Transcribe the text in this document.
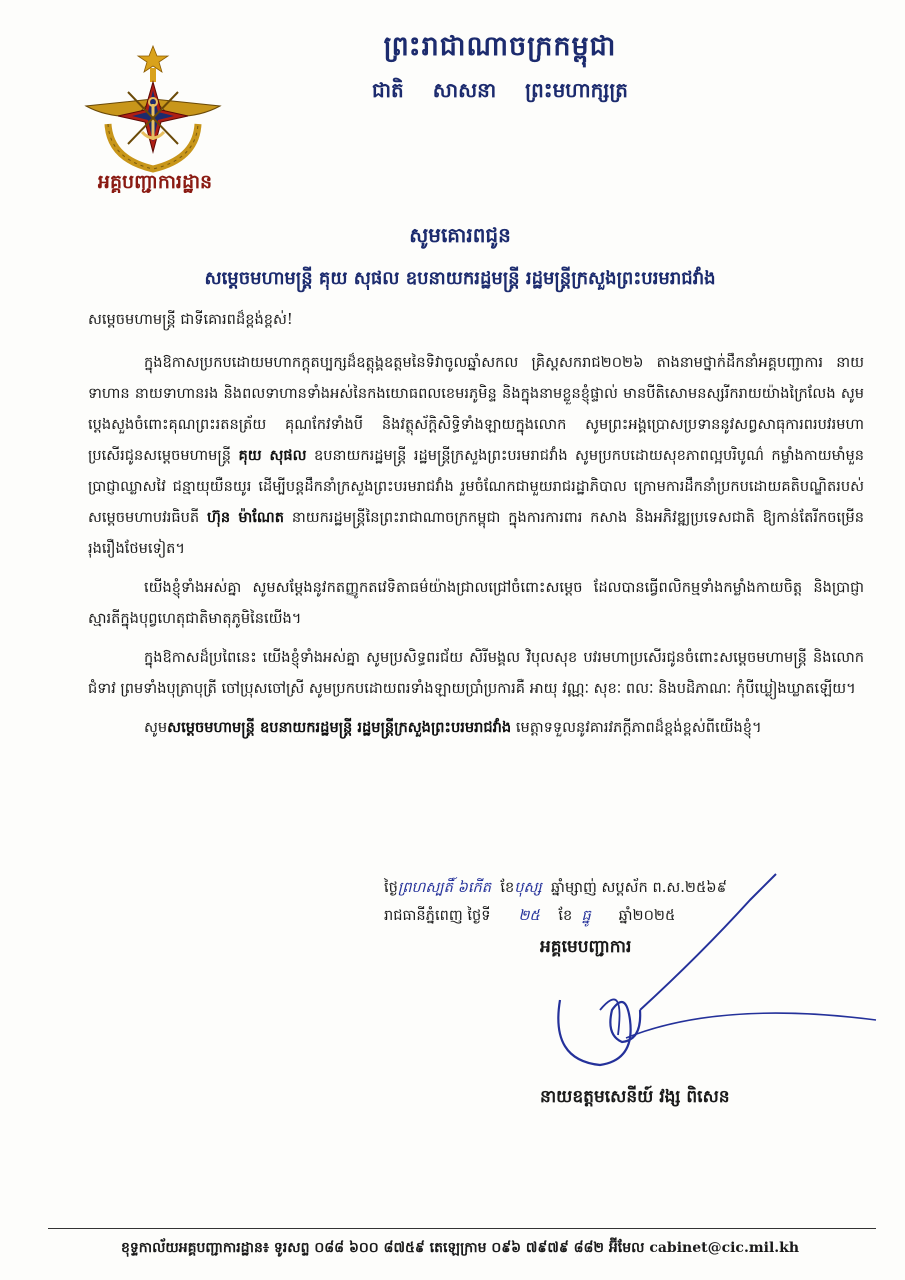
អគ្គបញ្ជាការដ្ឋាន
ព្រះរាជាណាចក្រកម្ពុជា
ជាតិ សាសនា ព្រះមហាក្សត្រ
សូមគោរពជូន
សម្តេចមហាមន្ត្រី គុយ សុផល ឧបនាយករដ្ឋមន្ត្រី រដ្ឋមន្ត្រីក្រសួងព្រះបរមរាជវាំង

សម្តេចមហាមន្ត្រី ជាទីគោរពដ៏ខ្ពង់ខ្ពស់!

ក្នុងឱកាសប្រកបដោយមហាកក្តុតប្បក្សដ៏ឧត្តុង្គឧត្តមនៃទិវាចូលឆ្នាំសកល គ្រិស្តសករាជ២០២៦ តាងនាមថ្នាក់ដឹកនាំអគ្គបញ្ជាការ នាយទាហាន នាយទាហានរង និងពលទាហានទាំងអស់នៃកងយោធពលខេមរភូមិន្ទ និងក្នុងនាមខ្លួនខ្ញុំផ្ទាល់ មានបីតិសោមនស្សរីករាយយ៉ាងក្រៃលែង សូមប្ដេងសួងចំពោះគុណព្រះរតនត្រ័យ គុណកែវទាំងបី និងវត្ថុស័ក្តិសិទ្ធិទាំងឡាយក្នុងលោក សូមព្រះអង្គប្រោសប្រទាននូវសព្វសាធុការពរបវរមហាប្រសើរជូនសម្តេចមហាមន្ត្រី គុយ សុផល ឧបនាយករដ្ឋមន្ត្រី រដ្ឋមន្ត្រីក្រសួងព្រះបរមរាជវាំង សូមប្រកបដោយសុខភាពល្អបរិបូណ៌ កម្លាំងកាយមាំមួន ប្រាជ្ញាឈ្លាសវៃ ជន្មាយុយឺនយូរ ដើម្បីបន្តដឹកនាំក្រសួងព្រះបរមរាជវាំង រួមចំណែកជាមួយរាជរដ្ឋាភិបាល ក្រោមការដឹកនាំប្រកបដោយគតិបណ្ឌិតរបស់សម្តេចមហាបវរធិបតី ហ៊ុន ម៉ាណែត នាយករដ្ឋមន្ត្រីនៃព្រះរាជាណាចក្រកម្ពុជា ក្នុងការការពារ កសាង និងអភិវឌ្ឍប្រទេសជាតិ ឱ្យកាន់តែរីកចម្រើនរុងរឿងថែមទៀត។

យើងខ្ញុំទាំងអស់គ្នា សូមសម្តែងនូវកតញ្ញូកតវេទិតាធម៌យ៉ាងជ្រាលជ្រៅចំពោះសម្តេច ដែលបានធ្វើពលិកម្មទាំងកម្លាំងកាយចិត្ត និងប្រាជ្ញាស្មារតីក្នុងបុព្វហេតុជាតិមាតុភូមិនៃយើង។

ក្នុងឱកាសដ៏ប្រពៃនេះ យើងខ្ញុំទាំងអស់គ្នា សូមប្រសិទ្ធពរជ័យ សិរីមង្គល វិបុលសុខ បវរមហាប្រសើរជូនចំពោះសម្តេចមហាមន្ត្រី និងលោកជំទាវ ព្រមទាំងបុត្រាបុត្រី ចៅប្រុសចៅស្រី សូមប្រកបដោយពរទាំងឡាយប្រាំប្រការគឺ អាយុ វណ្ណៈ សុខៈ ពលៈ និងបដិភាណៈ កុំបីឃ្លៀងឃ្លាតឡើយ។

សូមសម្តេចមហាមន្ត្រី ឧបនាយករដ្ឋមន្ត្រី រដ្ឋមន្ត្រីក្រសួងព្រះបរមរាជវាំង មេត្តាទទួលនូវគារវភក្តីភាពដ៏ខ្ពង់ខ្ពស់ពីយើងខ្ញុំ។

ថ្ងៃព្រហស្បតិ៍ ៦កើត ខែបុស្ស ឆ្នាំម្សាញ់ សប្តស័ក ព.ស.២៥៦៩
រាជធានីភ្នំពេញ ថ្ងៃទី ២៥ ខែ ធ្នូ ឆ្នាំ២០២៥
អគ្គមេបញ្ជាការ
នាយឧត្តមសេនីយ៍ វង្ស ពិសេន
ខុទ្ទកាល័យអគ្គបញ្ជាការដ្ឋាន៖ ទូរសព្ទ ០៨៨ ៦០០ ៨៧៥៩ តេឡេក្រាម ០៩៦ ៧៩៧៩ ៨៨២ អ៊ីមែល cabinet@cic.mil.kh
